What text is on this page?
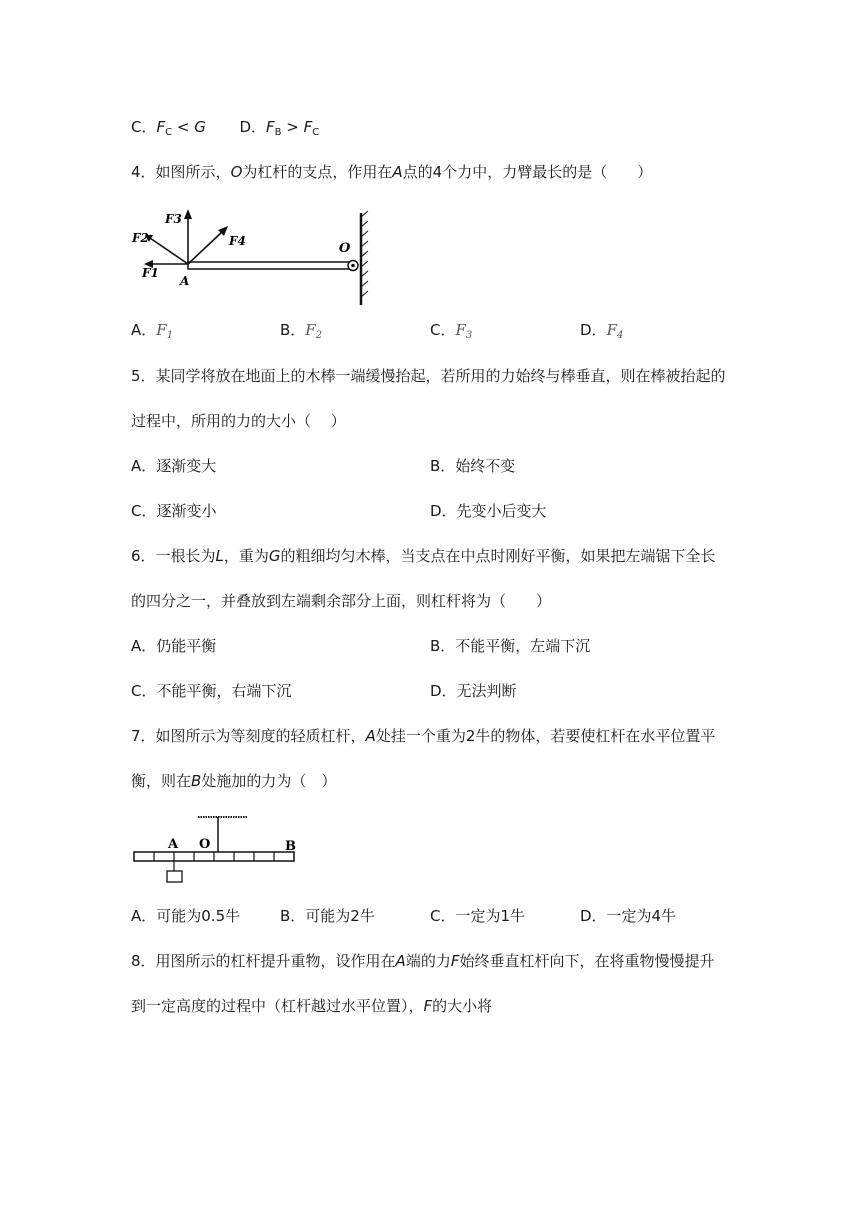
C．$F_C < G$ D．$F_B > F_C$
4．如图所示，O为杠杆的支点，作用在A点的4个力中，力臂最长的是（　　）
F3
F2	F4
F1
A
O
A．$F_1$	B．$F_2$	C．$F_3$	D．$F_4$
5．某同学将放在地面上的木棒一端缓慢抬起，若所用的力始终与棒垂直，则在棒被抬起的
过程中，所用的力的大小（　 ）
A．逐渐变大	B．始终不变
C．逐渐变小	D．先变小后变大
6．一根长为L，重为G的粗细均匀木棒，当支点在中点时刚好平衡，如果把左端锯下全长
的四分之一，并叠放到左端剩余部分上面，则杠杆将为（　　）
A．仍能平衡	B．不能平衡，左端下沉
C．不能平衡，右端下沉	D．无法判断
7．如图所示为等刻度的轻质杠杆，A处挂一个重为2牛的物体，若要使杠杆在水平位置平
衡，则在B处施加的力为（　）
A O	B
A．可能为0.5牛	B．可能为2牛	C．一定为1牛	D．一定为4牛
8．用图所示的杠杆提升重物，设作用在A端的力F始终垂直杠杆向下，在将重物慢慢提升
到一定高度的过程中（杠杆越过水平位置），F的大小将
